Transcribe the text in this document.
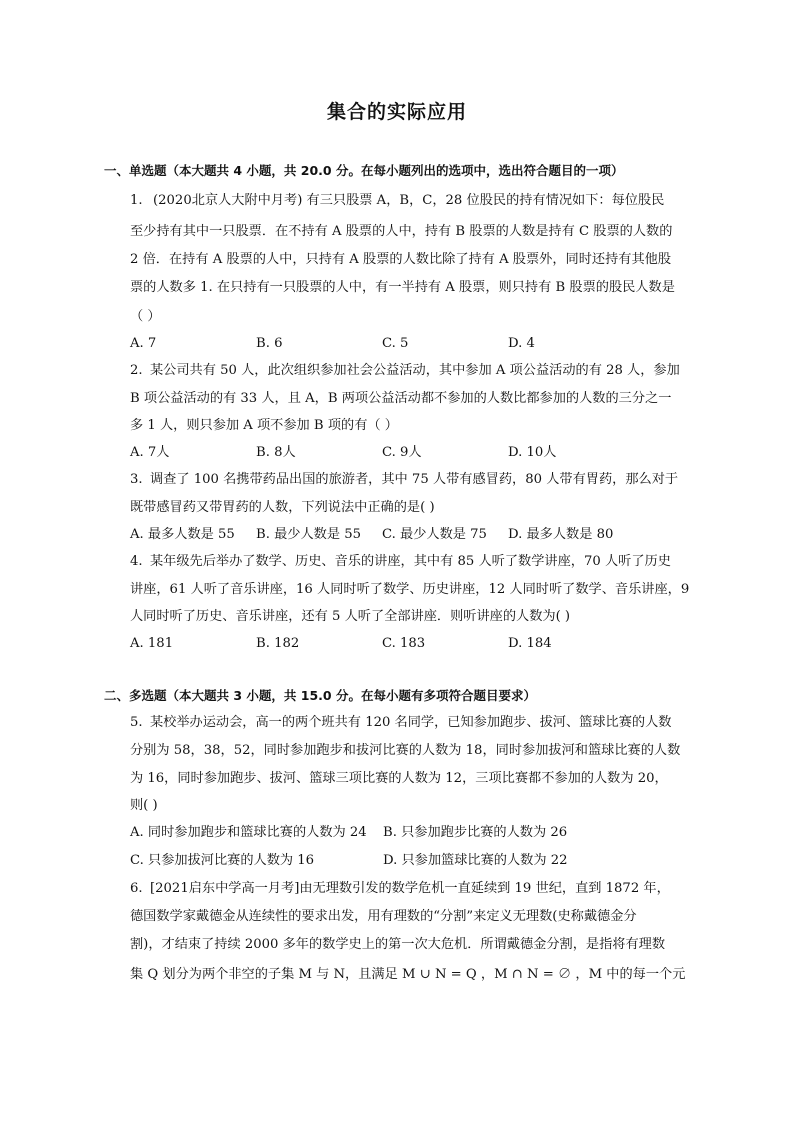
集合的实际应用
一、单选题（本大题共 4 小题，共 20.0 分。在每小题列出的选项中，选出符合题目的一项）
1. (2020北京人大附中月考) 有三只股票 A，B，C，28 位股民的持有情况如下：每位股民
至少持有其中一只股票．在不持有 A 股票的人中，持有 B 股票的人数是持有 C 股票的人数的
2 倍．在持有 A 股票的人中，只持有 A 股票的人数比除了持有 A 股票外，同时还持有其他股
票的人数多 1. 在只持有一只股票的人中，有一半持有 A 股票，则只持有 B 股票的股民人数是
（ ）
A. 7	B. 6	C. 5	D. 4
2. 某公司共有 50 人，此次组织参加社会公益活动，其中参加 A 项公益活动的有 28 人，参加
B 项公益活动的有 33 人，且 A，B 两项公益活动都不参加的人数比都参加的人数的三分之一
多 1 人，则只参加 A 项不参加 B 项的有（ ）
A. 7人	B. 8人	C. 9人	D. 10人
3. 调查了 100 名携带药品出国的旅游者，其中 75 人带有感冒药，80 人带有胃药，那么对于
既带感冒药又带胃药的人数，下列说法中正确的是( )
A. 最多人数是 55 B. 最少人数是 55 C. 最少人数是 75 D. 最多人数是 80
4. 某年级先后举办了数学、历史、音乐的讲座，其中有 85 人听了数学讲座，70 人听了历史
讲座，61 人听了音乐讲座，16 人同时听了数学、历史讲座，12 人同时听了数学、音乐讲座，9
人同时听了历史、音乐讲座，还有 5 人听了全部讲座．则听讲座的人数为( )
A. 181	B. 182	C. 183	D. 184
二、多选题（本大题共 3 小题，共 15.0 分。在每小题有多项符合题目要求）
5. 某校举办运动会，高一的两个班共有 120 名同学，已知参加跑步、拔河、篮球比赛的人数
分别为 58，38，52，同时参加跑步和拔河比赛的人数为 18，同时参加拔河和篮球比赛的人数
为 16，同时参加跑步、拔河、篮球三项比赛的人数为 12，三项比赛都不参加的人数为 20，
则( )
A. 同时参加跑步和篮球比赛的人数为 24 B. 只参加跑步比赛的人数为 26
C. 只参加拔河比赛的人数为 16	D. 只参加篮球比赛的人数为 22
6. [2021启东中学高一月考]由无理数引发的数学危机一直延续到 19 世纪，直到 1872 年，
德国数学家戴德金从连续性的要求出发，用有理数的“分割”来定义无理数(史称戴德金分
割)，才结束了持续 2000 多年的数学史上的第一次大危机．所谓戴德金分割，是指将有理数
集 Q 划分为两个非空的子集 M 与 N，且满足 M ∪ N = Q ，M ∩ N = ∅ ，M 中的每一个元
